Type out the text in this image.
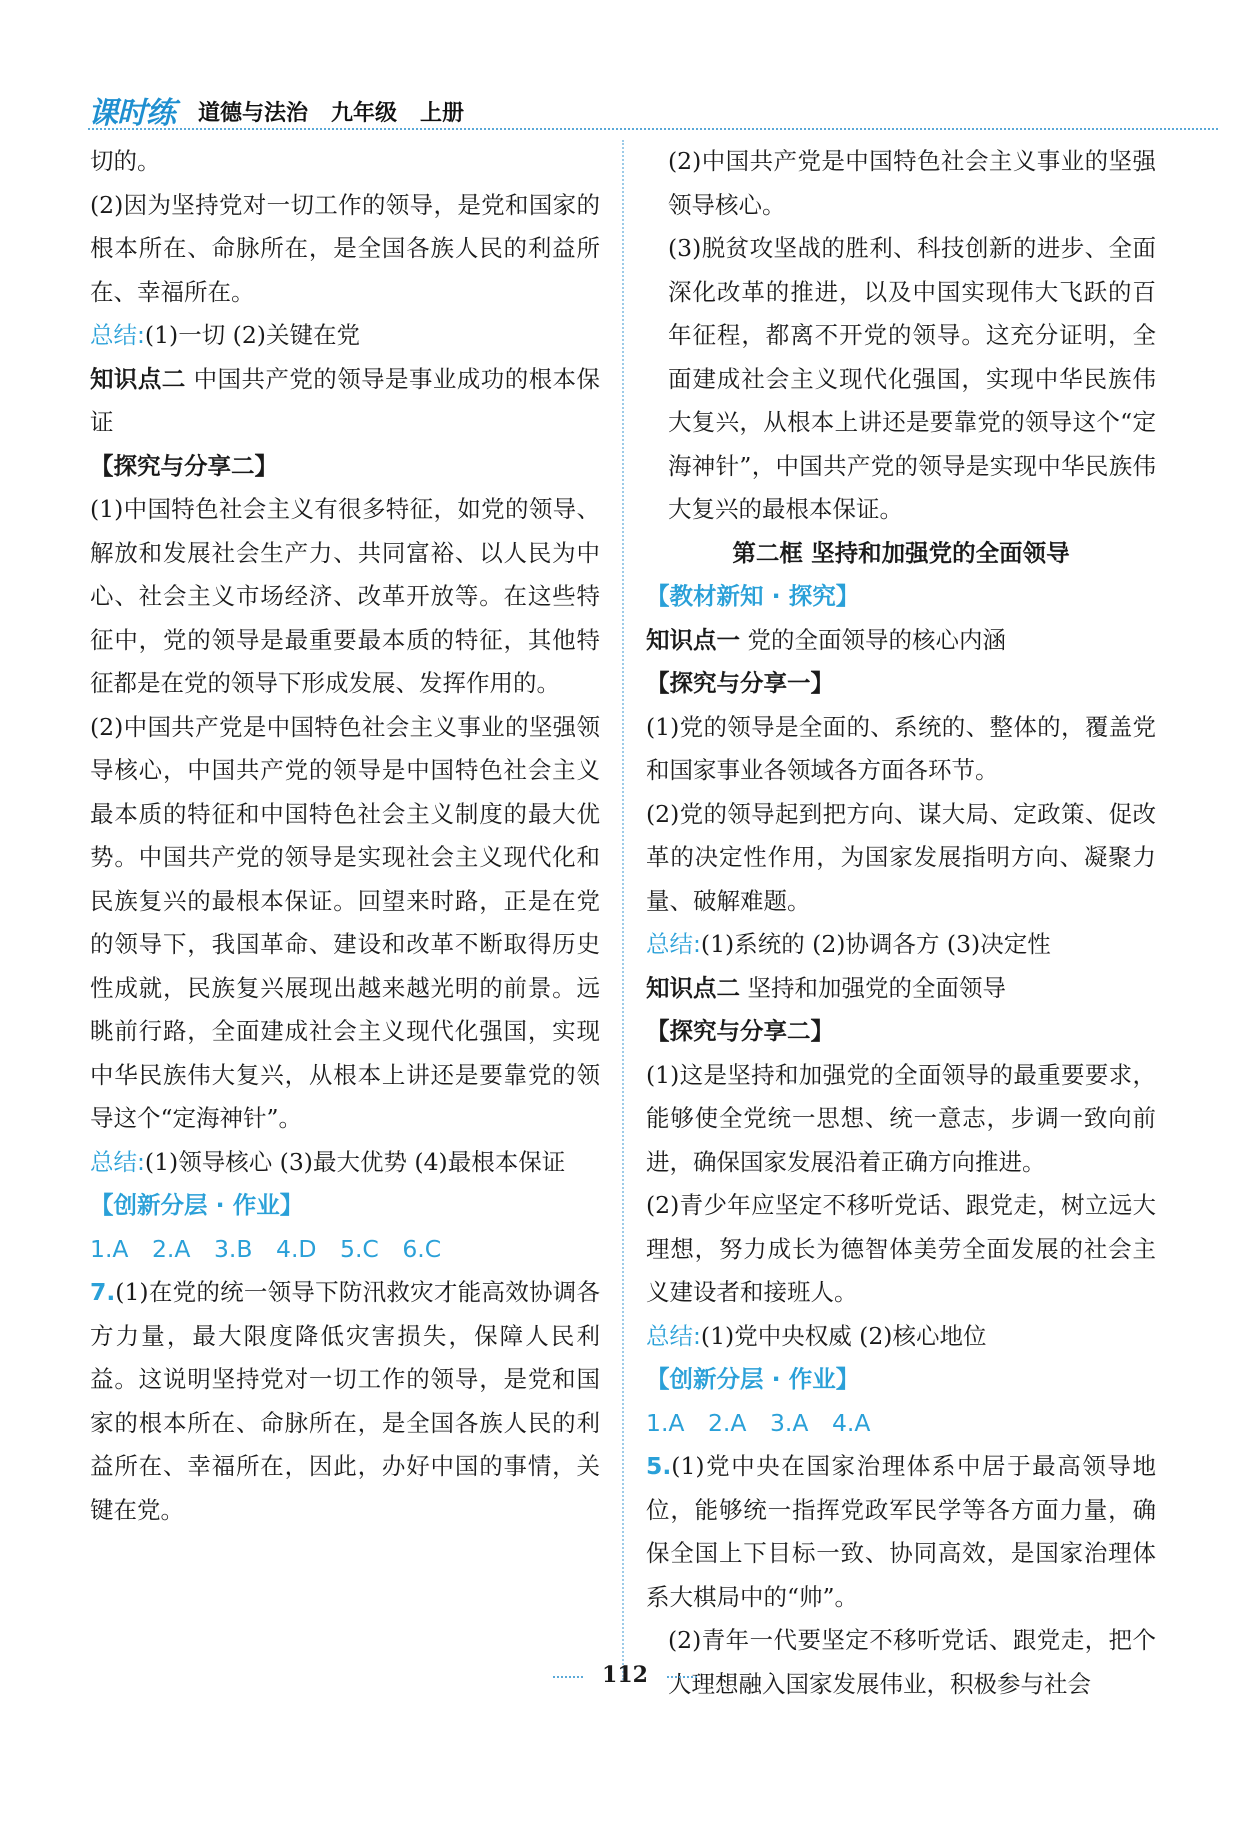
课时练 道德与法治   九年级   上册

切的。

(2)因为坚持党对一切工作的领导，是党和国家的根本所在、命脉所在，是全国各族人民的利益所在、幸福所在。

总结:(1)一切 (2)关键在党

知识点二 中国共产党的领导是事业成功的根本保证

【探究与分享二】

(1)中国特色社会主义有很多特征，如党的领导、解放和发展社会生产力、共同富裕、以人民为中心、社会主义市场经济、改革开放等。在这些特征中，党的领导是最重要最本质的特征，其他特征都是在党的领导下形成发展、发挥作用的。

(2)中国共产党是中国特色社会主义事业的坚强领导核心，中国共产党的领导是中国特色社会主义最本质的特征和中国特色社会主义制度的最大优势。中国共产党的领导是实现社会主义现代化和民族复兴的最根本保证。回望来时路，正是在党的领导下，我国革命、建设和改革不断取得历史性成就，民族复兴展现出越来越光明的前景。远眺前行路，全面建成社会主义现代化强国，实现中华民族伟大复兴，从根本上讲还是要靠党的领导这个“定海神针”。

总结:(1)领导核心 (3)最大优势 (4)最根本保证

【创新分层 · 作业】

1.A 2.A 3.B 4.D 5.C 6.C

7.(1)在党的统一领导下防汛救灾才能高效协调各方力量，最大限度降低灾害损失，保障人民利益。这说明坚持党对一切工作的领导，是党和国家的根本所在、命脉所在，是全国各族人民的利益所在、幸福所在，因此，办好中国的事情，关键在党。

(2)中国共产党是中国特色社会主义事业的坚强领导核心。

(3)脱贫攻坚战的胜利、科技创新的进步、全面深化改革的推进，以及中国实现伟大飞跃的百年征程，都离不开党的领导。这充分证明，全面建成社会主义现代化强国，实现中华民族伟大复兴，从根本上讲还是要靠党的领导这个“定海神针”，中国共产党的领导是实现中华民族伟大复兴的最根本保证。

第二框 坚持和加强党的全面领导

【教材新知 · 探究】

知识点一 党的全面领导的核心内涵

【探究与分享一】

(1)党的领导是全面的、系统的、整体的，覆盖党和国家事业各领域各方面各环节。

(2)党的领导起到把方向、谋大局、定政策、促改革的决定性作用，为国家发展指明方向、凝聚力量、破解难题。

总结:(1)系统的 (2)协调各方 (3)决定性

知识点二 坚持和加强党的全面领导

【探究与分享二】

(1)这是坚持和加强党的全面领导的最重要要求，能够使全党统一思想、统一意志，步调一致向前进，确保国家发展沿着正确方向推进。

(2)青少年应坚定不移听党话、跟党走，树立远大理想，努力成长为德智体美劳全面发展的社会主义建设者和接班人。

总结:(1)党中央权威 (2)核心地位

【创新分层 · 作业】

1.A 2.A 3.A 4.A

5.(1)党中央在国家治理体系中居于最高领导地位，能够统一指挥党政军民学等各方面力量，确保全国上下目标一致、协同高效，是国家治理体系大棋局中的“帅”。

(2)青年一代要坚定不移听党话、跟党走，把个人理想融入国家发展伟业，积极参与社会

112
